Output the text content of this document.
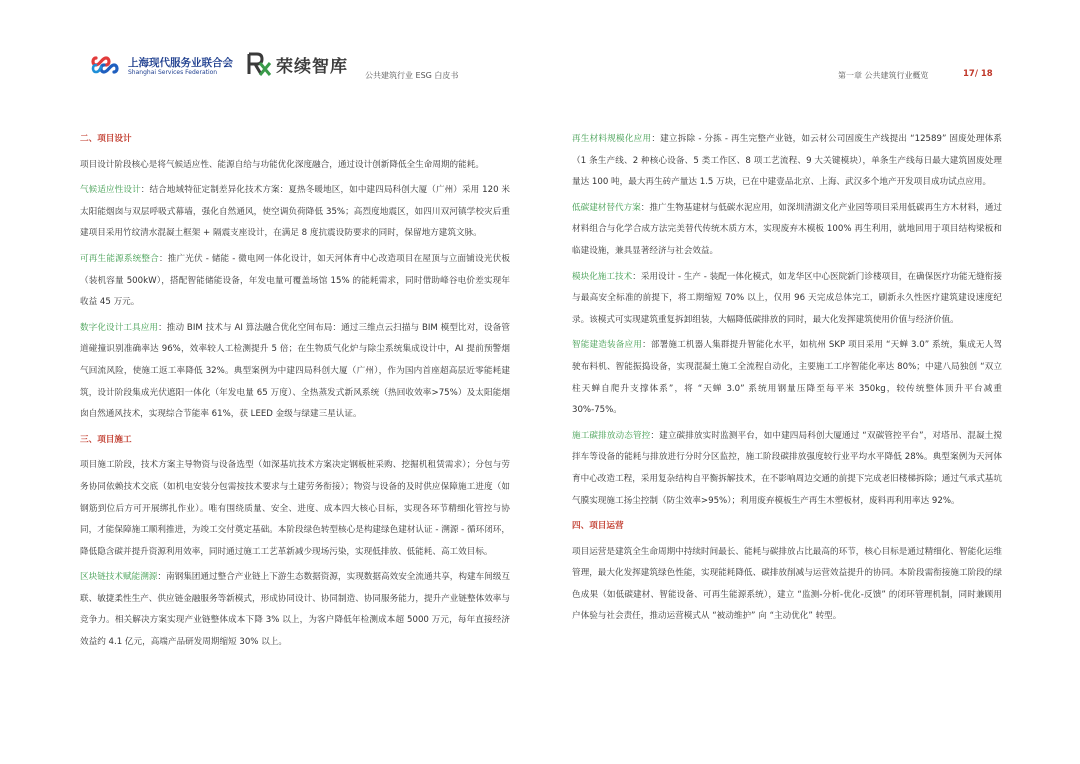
上海现代服务业联合会
Shanghai Services Federation	荣续智库 公共建筑行业 ESG 白皮书	第一章 公共建筑行业概览	17/ 18

二、项目设计

项目设计阶段核心是将气候适应性、能源自给与功能优化深度融合，通过设计创新降低全生命周期的能耗。

气候适应性设计：结合地域特征定制差异化技术方案：夏热冬暖地区，如中建四局科创大厦（广州）采用 120 米太阳能烟囱与双层呼吸式幕墙，强化自然通风，使空调负荷降低 35%；高烈度地震区，如四川双河镇学校灾后重建项目采用竹纹清水混凝土框架 + 隔震支座设计，在满足 8 度抗震设防要求的同时，保留地方建筑文脉。

可再生能源系统整合：推广光伏 - 储能 - 微电网一体化设计，如天河体育中心改造项目在屋顶与立面铺设光伏板（装机容量 500kW），搭配智能储能设备，年发电量可覆盖场馆 15% 的能耗需求，同时借助峰谷电价差实现年收益 45 万元。

数字化设计工具应用：推动 BIM 技术与 AI 算法融合优化空间布局：通过三维点云扫描与 BIM 模型比对，设备管道碰撞识别准确率达 96%，效率较人工检测提升 5 倍；在生物质气化炉与除尘系统集成设计中，AI 提前预警烟气回流风险，使施工返工率降低 32%。典型案例为中建四局科创大厦（广州），作为国内首座超高层近零能耗建筑，设计阶段集成光伏遮阳一体化（年发电量 65 万度）、全热蒸发式新风系统（热回收效率>75%）及太阳能烟囱自然通风技术，实现综合节能率 61%，获 LEED 金级与绿建三星认证。

三、项目施工

项目施工阶段，技术方案主导物资与设备选型（如深基坑技术方案决定钢板桩采购、挖掘机租赁需求）；分包与劳务协同依赖技术交底（如机电安装分包需按技术要求与土建劳务衔接）；物资与设备的及时供应保障施工进度（如钢筋到位后方可开展绑扎作业）。唯有围绕质量、安全、进度、成本四大核心目标，实现各环节精细化管控与协同，才能保障施工顺利推进，为竣工交付奠定基础。本阶段绿色转型核心是构建绿色建材认证 - 溯源 - 循环闭环，降低隐含碳并提升资源利用效率，同时通过施工工艺革新减少现场污染，实现低排放、低能耗、高工效目标。

区块链技术赋能溯源：南钢集团通过整合产业链上下游生态数据资源，实现数据高效安全流通共享，构建车间级互联、敏捷柔性生产、供应链金融服务等新模式，形成协同设计、协同制造、协同服务能力，提升产业链整体效率与竞争力。相关解决方案实现产业链整体成本下降 3% 以上，为客户降低年检测成本超 5000 万元，每年直接经济效益约 4.1 亿元，高端产品研发周期缩短 30% 以上。

再生材料规模化应用：建立拆除 - 分拣 - 再生完整产业链，如云材公司固废生产线提出 “12589” 固废处理体系（1 条生产线、2 种核心设备、5 类工作区、8 项工艺流程、9 大关键模块），单条生产线每日最大建筑固废处理量达 100 吨，最大再生砖产量达 1.5 万块，已在中建壹品北京、上海、武汉多个地产开发项目成功试点应用。

低碳建材替代方案：推广生物基建材与低碳水泥应用，如深圳清湖文化产业园等项目采用低碳再生方木材料，通过材料组合与化学合成方法完美替代传统木质方木，实现废弃木模板 100% 再生利用，就地回用于项目结构梁板和临建设施，兼具显著经济与社会效益。

模块化施工技术：采用设计 - 生产 - 装配一体化模式，如龙华区中心医院新门诊楼项目，在确保医疗功能无缝衔接与最高安全标准的前提下，将工期缩短 70% 以上，仅用 96 天完成总体完工，刷新永久性医疗建筑建设速度纪录。该模式可实现建筑重复拆卸组装，大幅降低碳排放的同时，最大化发挥建筑使用价值与经济价值。

智能建造装备应用：部署施工机器人集群提升智能化水平，如杭州 SKP 项目采用 “天蝉 3.0” 系统，集成无人驾驶布料机、智能振捣设备，实现混凝土施工全流程自动化，主要施工工序智能化率达 80%；中建八局独创 “双立柱天蝉自爬升支撑体系”，将 “天蝉 3.0” 系统用钢量压降至每平米 350kg，较传统整体顶升平台减重 30%-75%。

施工碳排放动态管控：建立碳排放实时监测平台，如中建四局科创大厦通过 “双碳管控平台”，对塔吊、混凝土搅拌车等设备的能耗与排放进行分时分区监控，施工阶段碳排放强度较行业平均水平降低 28%。典型案例为天河体育中心改造工程，采用复杂结构自平衡拆解技术，在不影响周边交通的前提下完成老旧楼梯拆除；通过气承式基坑气膜实现施工扬尘控制（防尘效率>95%）；利用废弃模板生产再生木塑板材，废料再利用率达 92%。

四、项目运营

项目运营是建筑全生命周期中持续时间最长、能耗与碳排放占比最高的环节，核心目标是通过精细化、智能化运维管理，最大化发挥建筑绿色性能，实现能耗降低、碳排放削减与运营效益提升的协同。本阶段需衔接施工阶段的绿色成果（如低碳建材、智能设备、可再生能源系统），建立 “监测-分析-优化-反馈” 的闭环管理机制，同时兼顾用户体验与社会责任，推动运营模式从 “被动维护” 向 “主动优化” 转型。
